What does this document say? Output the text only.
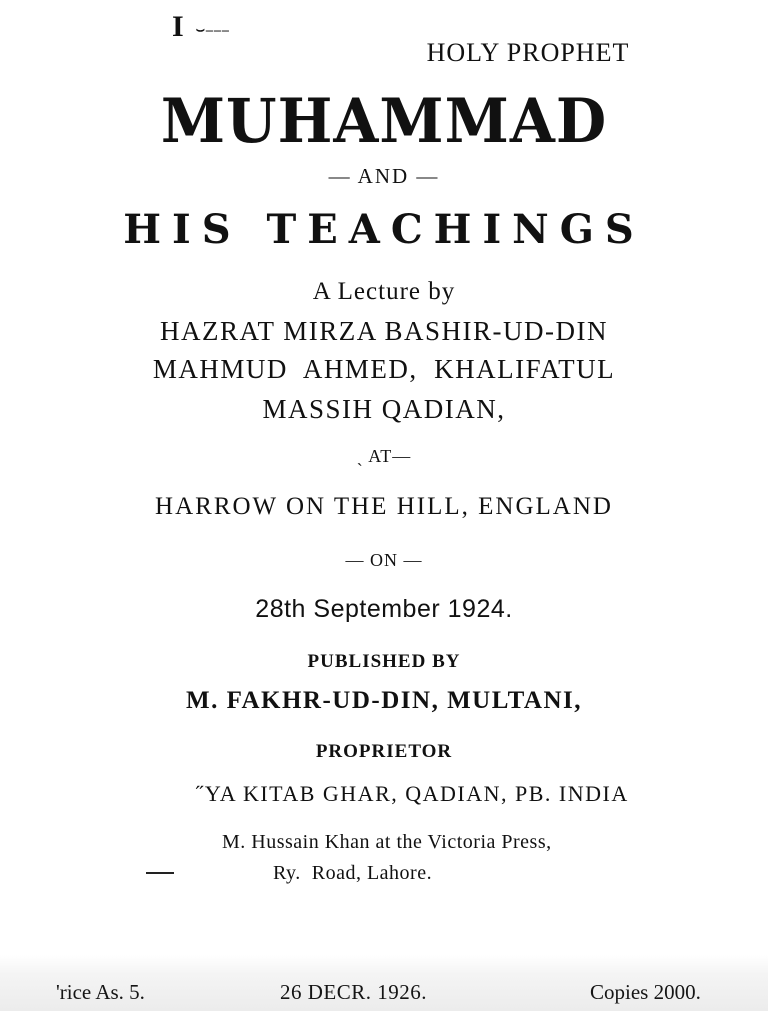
I ⌣–––
HOLY PROPHET
MUHAMMAD
— AND —
HIS TEACHINGS
A Lecture by
HAZRAT MIRZA BASHIR-UD-DIN
MAHMUD  AHMED,  KHALIFATUL
MASSIH QADIAN,
ˏ AT—
HARROW ON THE HILL, ENGLAND
— ON —
28th September 1924.
PUBLISHED BY
M. FAKHR-UD-DIN, MULTANI,
PROPRIETOR
˝YA KITAB GHAR, QADIAN, PB. INDIA
M. Hussain Khan at the Victoria Press,
Ry.  Road, Lahore.
'rice As. 5.	26 DECR. 1926.	Copies 2000.
